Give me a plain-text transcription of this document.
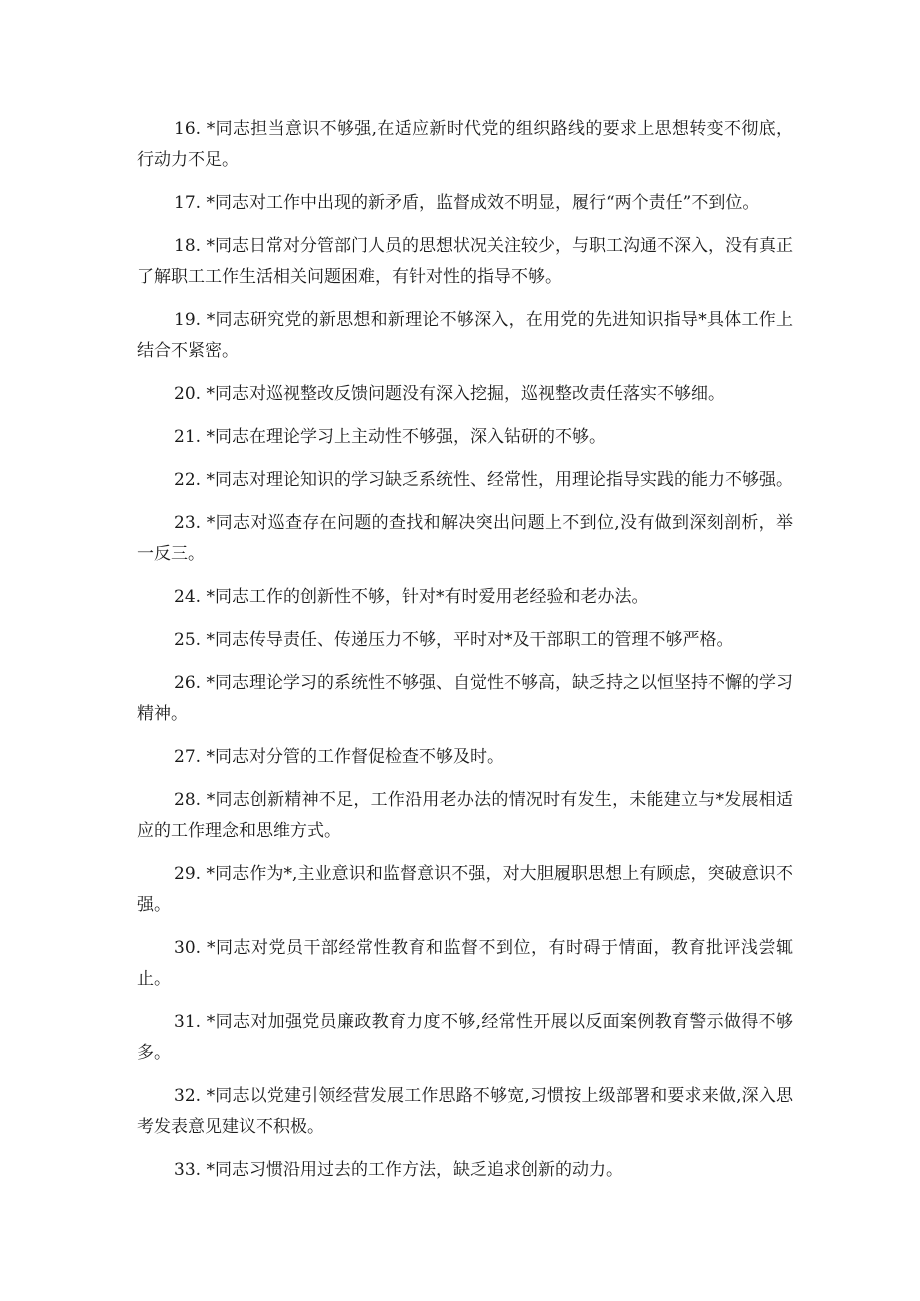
16. *同志担当意识不够强,在适应新时代党的组织路线的要求上思想转变不彻底，行动力不足。

17. *同志对工作中出现的新矛盾，监督成效不明显，履行“两个责任”不到位。

18. *同志日常对分管部门人员的思想状况关注较少，与职工沟通不深入，没有真正了解职工工作生活相关问题困难，有针对性的指导不够。

19. *同志研究党的新思想和新理论不够深入，在用党的先进知识指导*具体工作上结合不紧密。

20. *同志对巡视整改反馈问题没有深入挖掘，巡视整改责任落实不够细。

21. *同志在理论学习上主动性不够强，深入钻研的不够。

22. *同志对理论知识的学习缺乏系统性、经常性，用理论指导实践的能力不够强。

23. *同志对巡查存在问题的查找和解决突出问题上不到位,没有做到深刻剖析，举一反三。

24. *同志工作的创新性不够，针对*有时爱用老经验和老办法。

25. *同志传导责任、传递压力不够，平时对*及干部职工的管理不够严格。

26. *同志理论学习的系统性不够强、自觉性不够高，缺乏持之以恒坚持不懈的学习精神。

27. *同志对分管的工作督促检查不够及时。

28. *同志创新精神不足，工作沿用老办法的情况时有发生，未能建立与*发展相适应的工作理念和思维方式。

29. *同志作为*,主业意识和监督意识不强，对大胆履职思想上有顾虑，突破意识不强。

30. *同志对党员干部经常性教育和监督不到位，有时碍于情面，教育批评浅尝辄止。

31. *同志对加强党员廉政教育力度不够,经常性开展以反面案例教育警示做得不够多。

32. *同志以党建引领经营发展工作思路不够宽,习惯按上级部署和要求来做,深入思考发表意见建议不积极。

33. *同志习惯沿用过去的工作方法，缺乏追求创新的动力。
